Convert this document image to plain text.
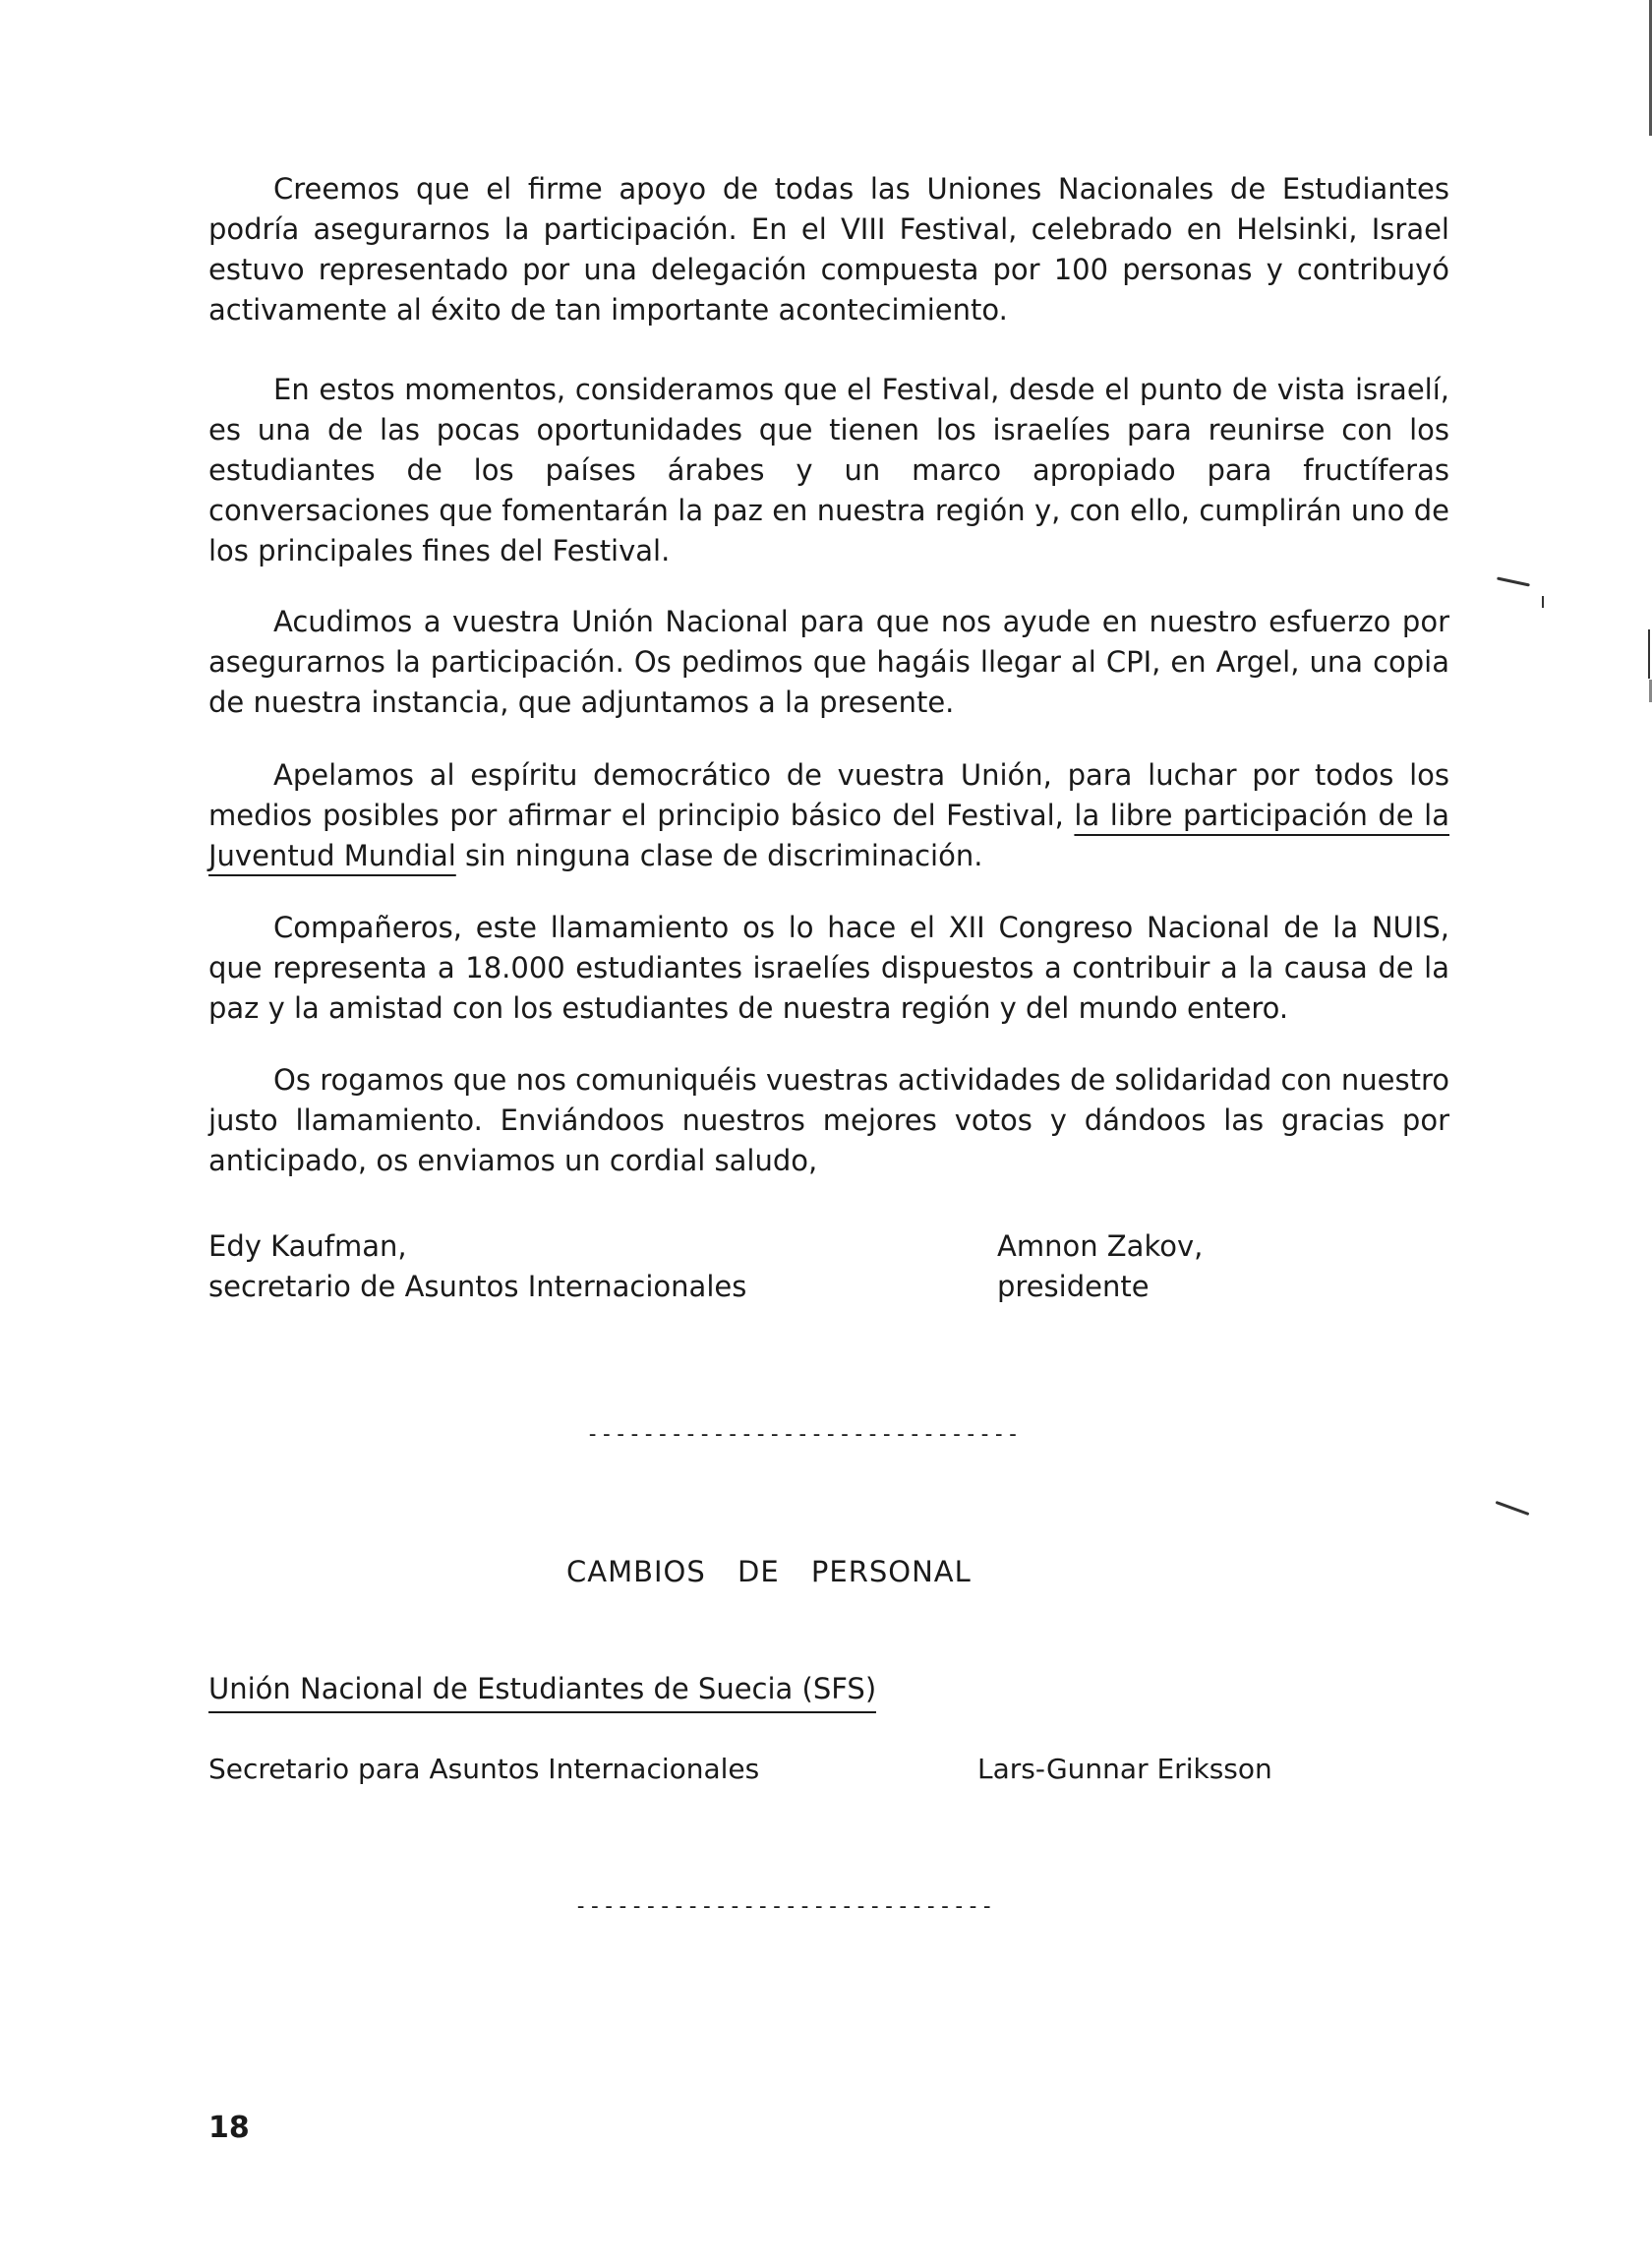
Creemos que el firme apoyo de todas las Uniones Nacionales de Estudiantes podría asegurarnos la participación. En el VIII Festival, celebrado en Helsinki, Israel estuvo representado por una delegación compuesta por 100 personas y contribuyó activamente al éxito de tan importante acontecimiento.

En estos momentos, consideramos que el Festival, desde el punto de vista israelí, es una de las pocas oportunidades que tienen los israelíes para reunirse con los estudiantes de los países árabes y un marco apropiado para fructíferas conversaciones que fomentarán la paz en nuestra región y, con ello, cumplirán uno de los principales fines del Festival.

Acudimos a vuestra Unión Nacional para que nos ayude en nuestro esfuerzo por asegurarnos la participación. Os pedimos que hagáis llegar al CPI, en Argel, una copia de nuestra instancia, que adjuntamos a la presente.

Apelamos al espíritu democrático de vuestra Unión, para luchar por todos los medios posibles por afirmar el principio básico del Festival, la libre participación de la Juventud Mundial sin ninguna clase de discriminación.

Compañeros, este llamamiento os lo hace el XII Congreso Nacional de la NUIS, que representa a 18.000 estudiantes israelíes dispuestos a contribuir a la causa de la paz y la amistad con los estudiantes de nuestra región y del mundo entero.

Os rogamos que nos comuniquéis vuestras actividades de solidaridad con nuestro justo llamamiento. Enviándoos nuestros mejores votos y dándoos las gracias por anticipado, os enviamos un cordial saludo,

Edy Kaufman,
secretario de Asuntos Internacionales
Amnon Zakov,
presidente
-------------------------------
CAMBIOS DE PERSONAL
Unión Nacional de Estudiantes de Suecia (SFS)
Secretario para Asuntos Internacionales	Lars-Gunnar Eriksson
------------------------------
18
